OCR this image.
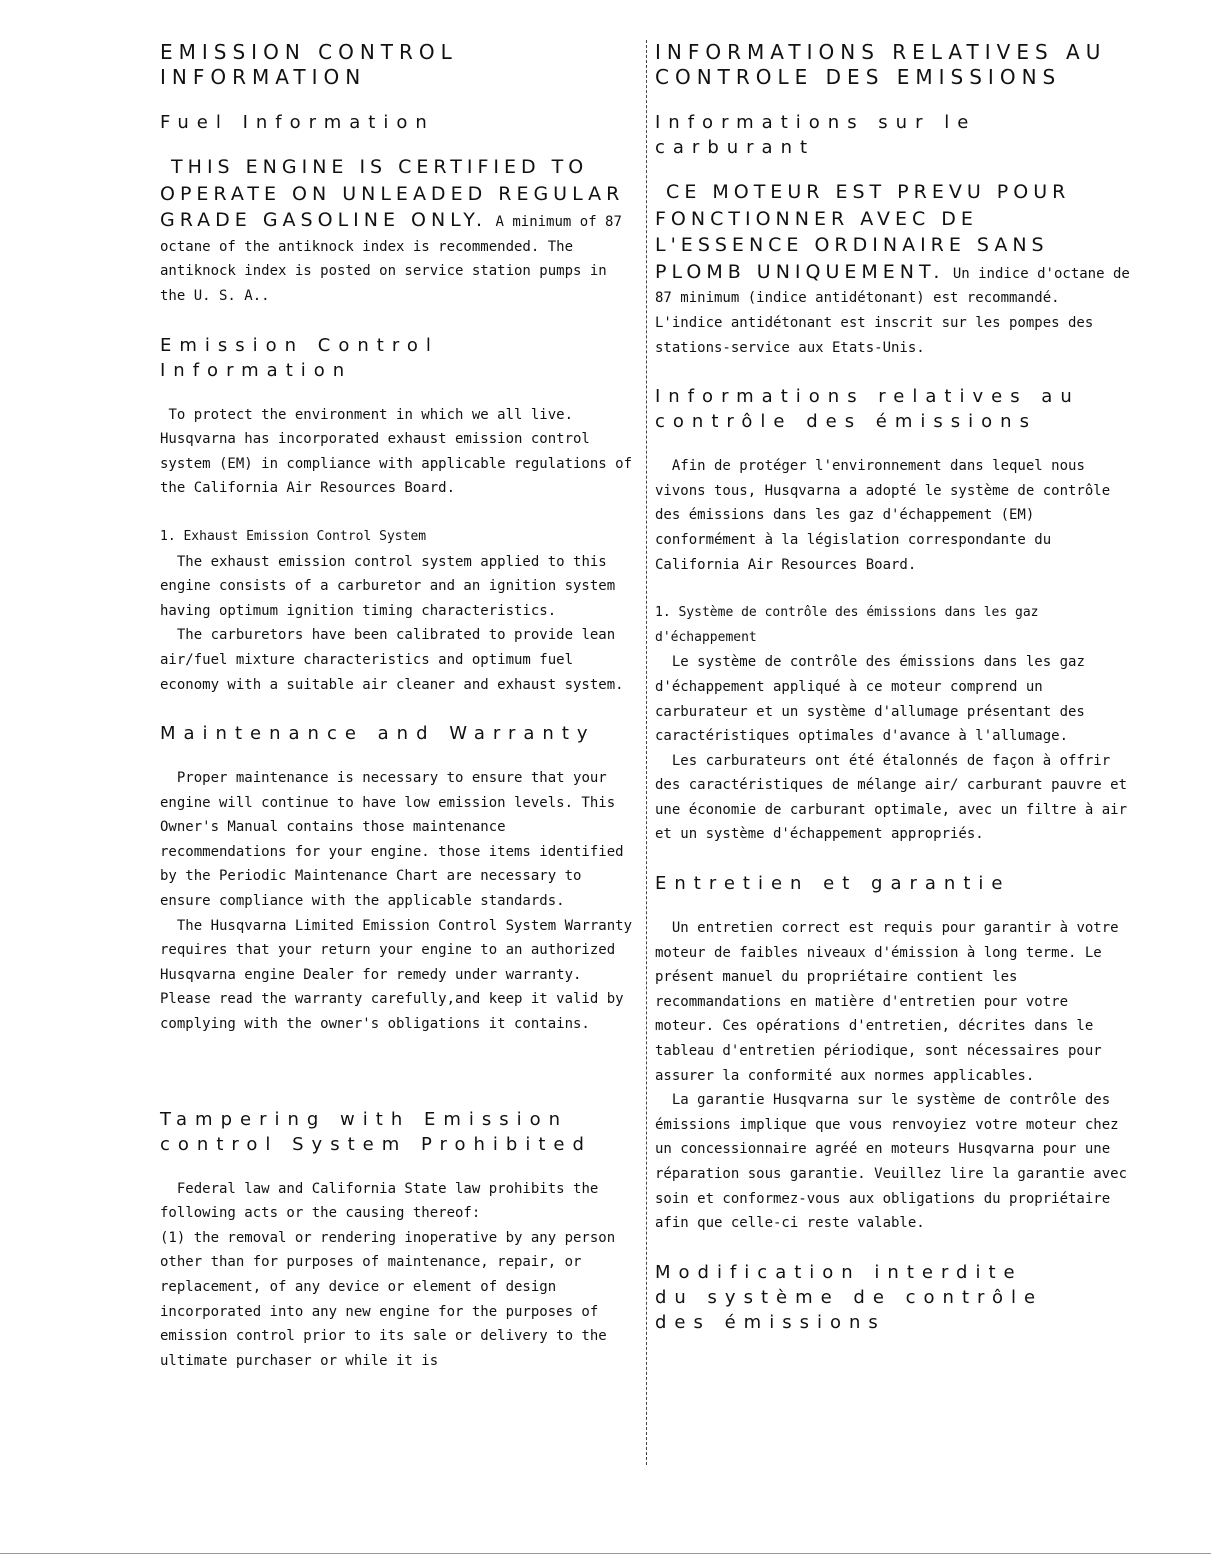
EMISSION CONTROL
INFORMATION
Fuel Information

THIS ENGINE IS CERTIFIED TO OPERATE ON UNLEADED REGULAR GRADE GASOLINE ONLY. A minimum of 87 octane of the antiknock index is recommended. The antiknock index is posted on service station pumps in the U. S. A..

Emission Control
Information

To protect the environment in which we all live. Husqvarna has incorporated exhaust emission control system (EM) in compliance with applicable regulations of the California Air Resources Board.

1. Exhaust Emission Control System

The exhaust emission control system applied to this engine consists of a carburetor and an ignition system having optimum ignition timing characteristics.

The carburetors have been calibrated to provide lean air/fuel mixture characteristics and optimum fuel economy with a suitable air cleaner and exhaust system.

Maintenance and Warranty

Proper maintenance is necessary to ensure that your engine will continue to have low emission levels. This Owner's Manual contains those maintenance recommendations for your engine. those items identified by the Periodic Maintenance Chart are necessary to ensure compliance with the applicable standards.

The Husqvarna Limited Emission Control System Warranty requires that your return your engine to an authorized Husqvarna engine Dealer for remedy under warranty. Please read the warranty carefully,and keep it valid by complying with the owner's obligations it contains.

Tampering with Emission control System Prohibited

Federal law and California State law prohibits the following acts or the causing thereof:
(1) the removal or rendering inoperative by any person other than for purposes of maintenance, repair, or replacement, of any device or element of design incorporated into any new engine for the purposes of emission control prior to its sale or delivery to the ultimate purchaser or while it is

INFORMATIONS RELATIVES AU
CONTROLE DES EMISSIONS
Informations sur le
carburant

CE MOTEUR EST PREVU POUR FONCTIONNER AVEC DE L'ESSENCE ORDINAIRE SANS PLOMB UNIQUEMENT. Un indice d'octane de 87 minimum (indice antidétonant) est recommandé. L'indice antidétonant est inscrit sur les pompes des stations-service aux Etats-Unis.

Informations relatives au
contrôle des émissions

Afin de protéger l'environnement dans lequel nous vivons tous, Husqvarna a adopté le système de contrôle des émissions dans les gaz d'échappement (EM) conformément à la législation correspondante du California Air Resources Board.

1. Système de contrôle des émissions dans les gaz d'échappement

Le système de contrôle des émissions dans les gaz d'échappement appliqué à ce moteur comprend un carburateur et un système d'allumage présentant des caractéristiques optimales d'avance à l'allumage.

Les carburateurs ont été étalonnés de façon à offrir des caractéristiques de mélange air/ carburant pauvre et une économie de carburant optimale, avec un filtre à air et un système d'échappement appropriés.

Entretien et garantie

Un entretien correct est requis pour garantir à votre moteur de faibles niveaux d'émission à long terme. Le présent manuel du propriétaire contient les recommandations en matière d'entretien pour votre moteur. Ces opérations d'entretien, décrites dans le tableau d'entretien périodique, sont nécessaires pour assurer la conformité aux normes applicables.

La garantie Husqvarna sur le système de contrôle des émissions implique que vous renvoyiez votre moteur chez un concessionnaire agréé en moteurs Husqvarna pour une réparation sous garantie. Veuillez lire la garantie avec soin et conformez-vous aux obligations du propriétaire afin que celle-ci reste valable.

Modification interdite
du système de contrôle
des émissions
